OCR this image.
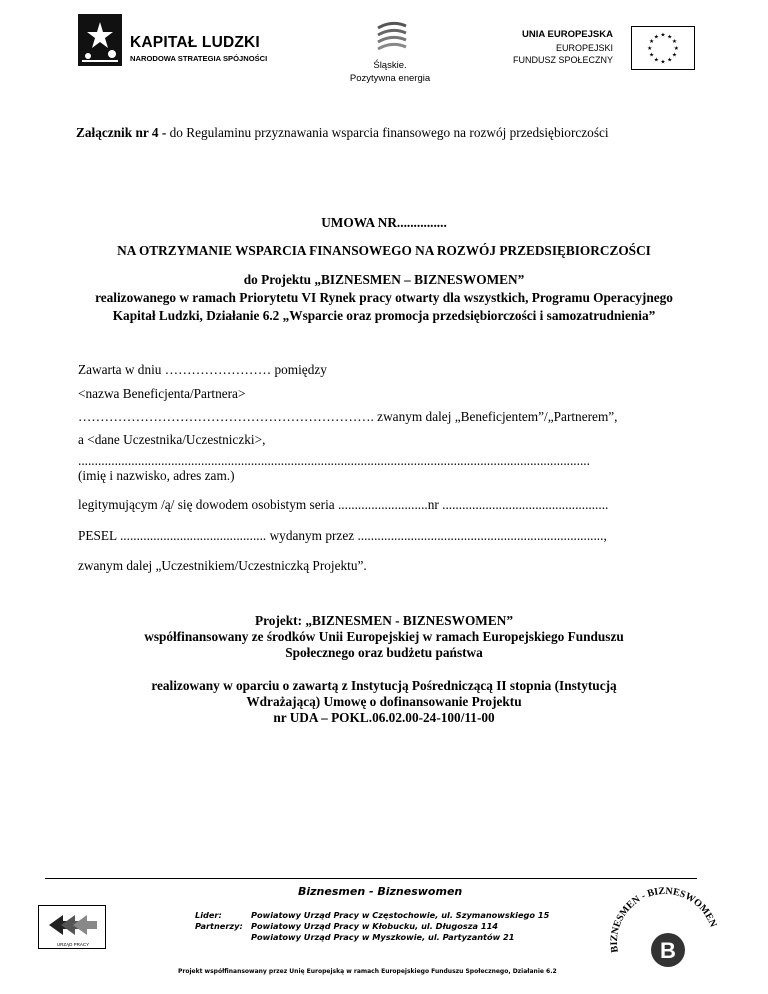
KAPITAŁ LUDZKI
NARODOWA STRATEGIA SPÓJNOŚCI
Śląskie.
Pozytywna energia
UNIA EUROPEJSKA
EUROPEJSKI
FUNDUSZ SPOŁECZNY
★ ★
★
★
★
★
★
★
★
★
★
★
Załącznik nr 4 - do Regulaminu przyznawania wsparcia finansowego na rozwój przedsiębiorczości
UMOWA NR...............
NA OTRZYMANIE WSPARCIA FINANSOWEGO NA ROZWÓJ PRZEDSIĘBIORCZOŚCI
do Projektu „BIZNESMEN – BIZNESWOMEN”
realizowanego w ramach Priorytetu VI Rynek pracy otwarty dla wszystkich, Programu Operacyjnego
Kapitał Ludzki, Działanie 6.2 „Wsparcie oraz promocja przedsiębiorczości i samozatrudnienia”
Zawarta w dniu …………………… pomiędzy
<nazwa Beneficjenta/Partnera>
…………………………………………………………. zwanym dalej „Beneficjentem”/„Partnerem”,
a <dane Uczestnika/Uczestniczki>,
..........................................................................................................................................................
(imię i nazwisko, adres zam.)
legitymującym /ą/ się dowodem osobistym seria ...........................nr ..................................................
PESEL ............................................ wydanym przez ..........................................................................,
zwanym dalej „Uczestnikiem/Uczestniczką Projektu”.
Projekt: „BIZNESMEN - BIZNESWOMEN”
współfinansowany ze środków Unii Europejskiej w ramach Europejskiego Funduszu
Społecznego oraz budżetu państwa
realizowany w oparciu o zawartą z Instytucją Pośredniczącą II stopnia (Instytucją
Wdrażającą) Umowę o dofinansowanie Projektu
nr UDA – POKL.06.02.00-24-100/11-00
Biznesmen - Bizneswomen
Lider:	Powiatowy Urząd Pracy w Częstochowie, ul. Szymanowskiego 15
Partnerzy: Powiatowy Urząd Pracy w Kłobucku, ul. Długosza 114
Powiatowy Urząd Pracy w Myszkowie, ul. Partyzantów 21
Projekt współfinansowany przez Unię Europejską w ramach Europejskiego Funduszu Społecznego, Działanie 6.2
URZĄD PRACY
BIZNESMEN - BIZNESWOMEN
B
